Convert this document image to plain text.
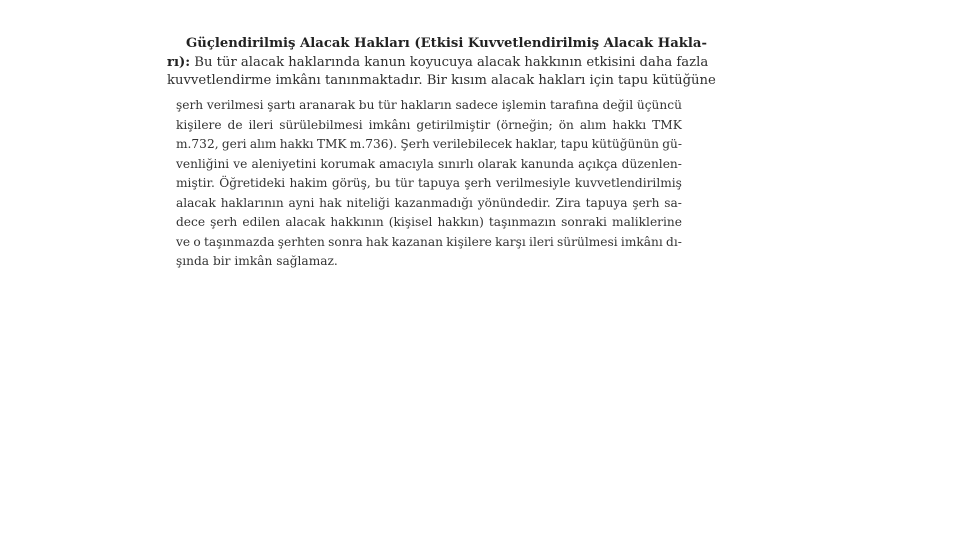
Güçlendirilmiş Alacak Hakları (Etkisi Kuvvetlendirilmiş Alacak Hakla-
rı): Bu tür alacak haklarında kanun koyucuya alacak hakkının etkisini daha fazla
kuvvetlendirme imkânı tanınmaktadır. Bir kısım alacak hakları için tapu kütüğüne
şerh verilmesi şartı aranarak bu tür hakların sadece işlemin tarafına değil üçüncü
kişilere de ileri sürülebilmesi imkânı getirilmiştir (örneğin; ön alım hakkı TMK
m.732, geri alım hakkı TMK m.736). Şerh verilebilecek haklar, tapu kütüğünün gü-
venliğini ve aleniyetini korumak amacıyla sınırlı olarak kanunda açıkça düzenlen-
miştir. Öğretideki hakim görüş, bu tür tapuya şerh verilmesiyle kuvvetlendirilmiş
alacak haklarının ayni hak niteliği kazanmadığı yönündedir. Zira tapuya şerh sa-
dece şerh edilen alacak hakkının (kişisel hakkın) taşınmazın sonraki maliklerine
ve o taşınmazda şerhten sonra hak kazanan kişilere karşı ileri sürülmesi imkânı dı-
şında bir imkân sağlamaz.
